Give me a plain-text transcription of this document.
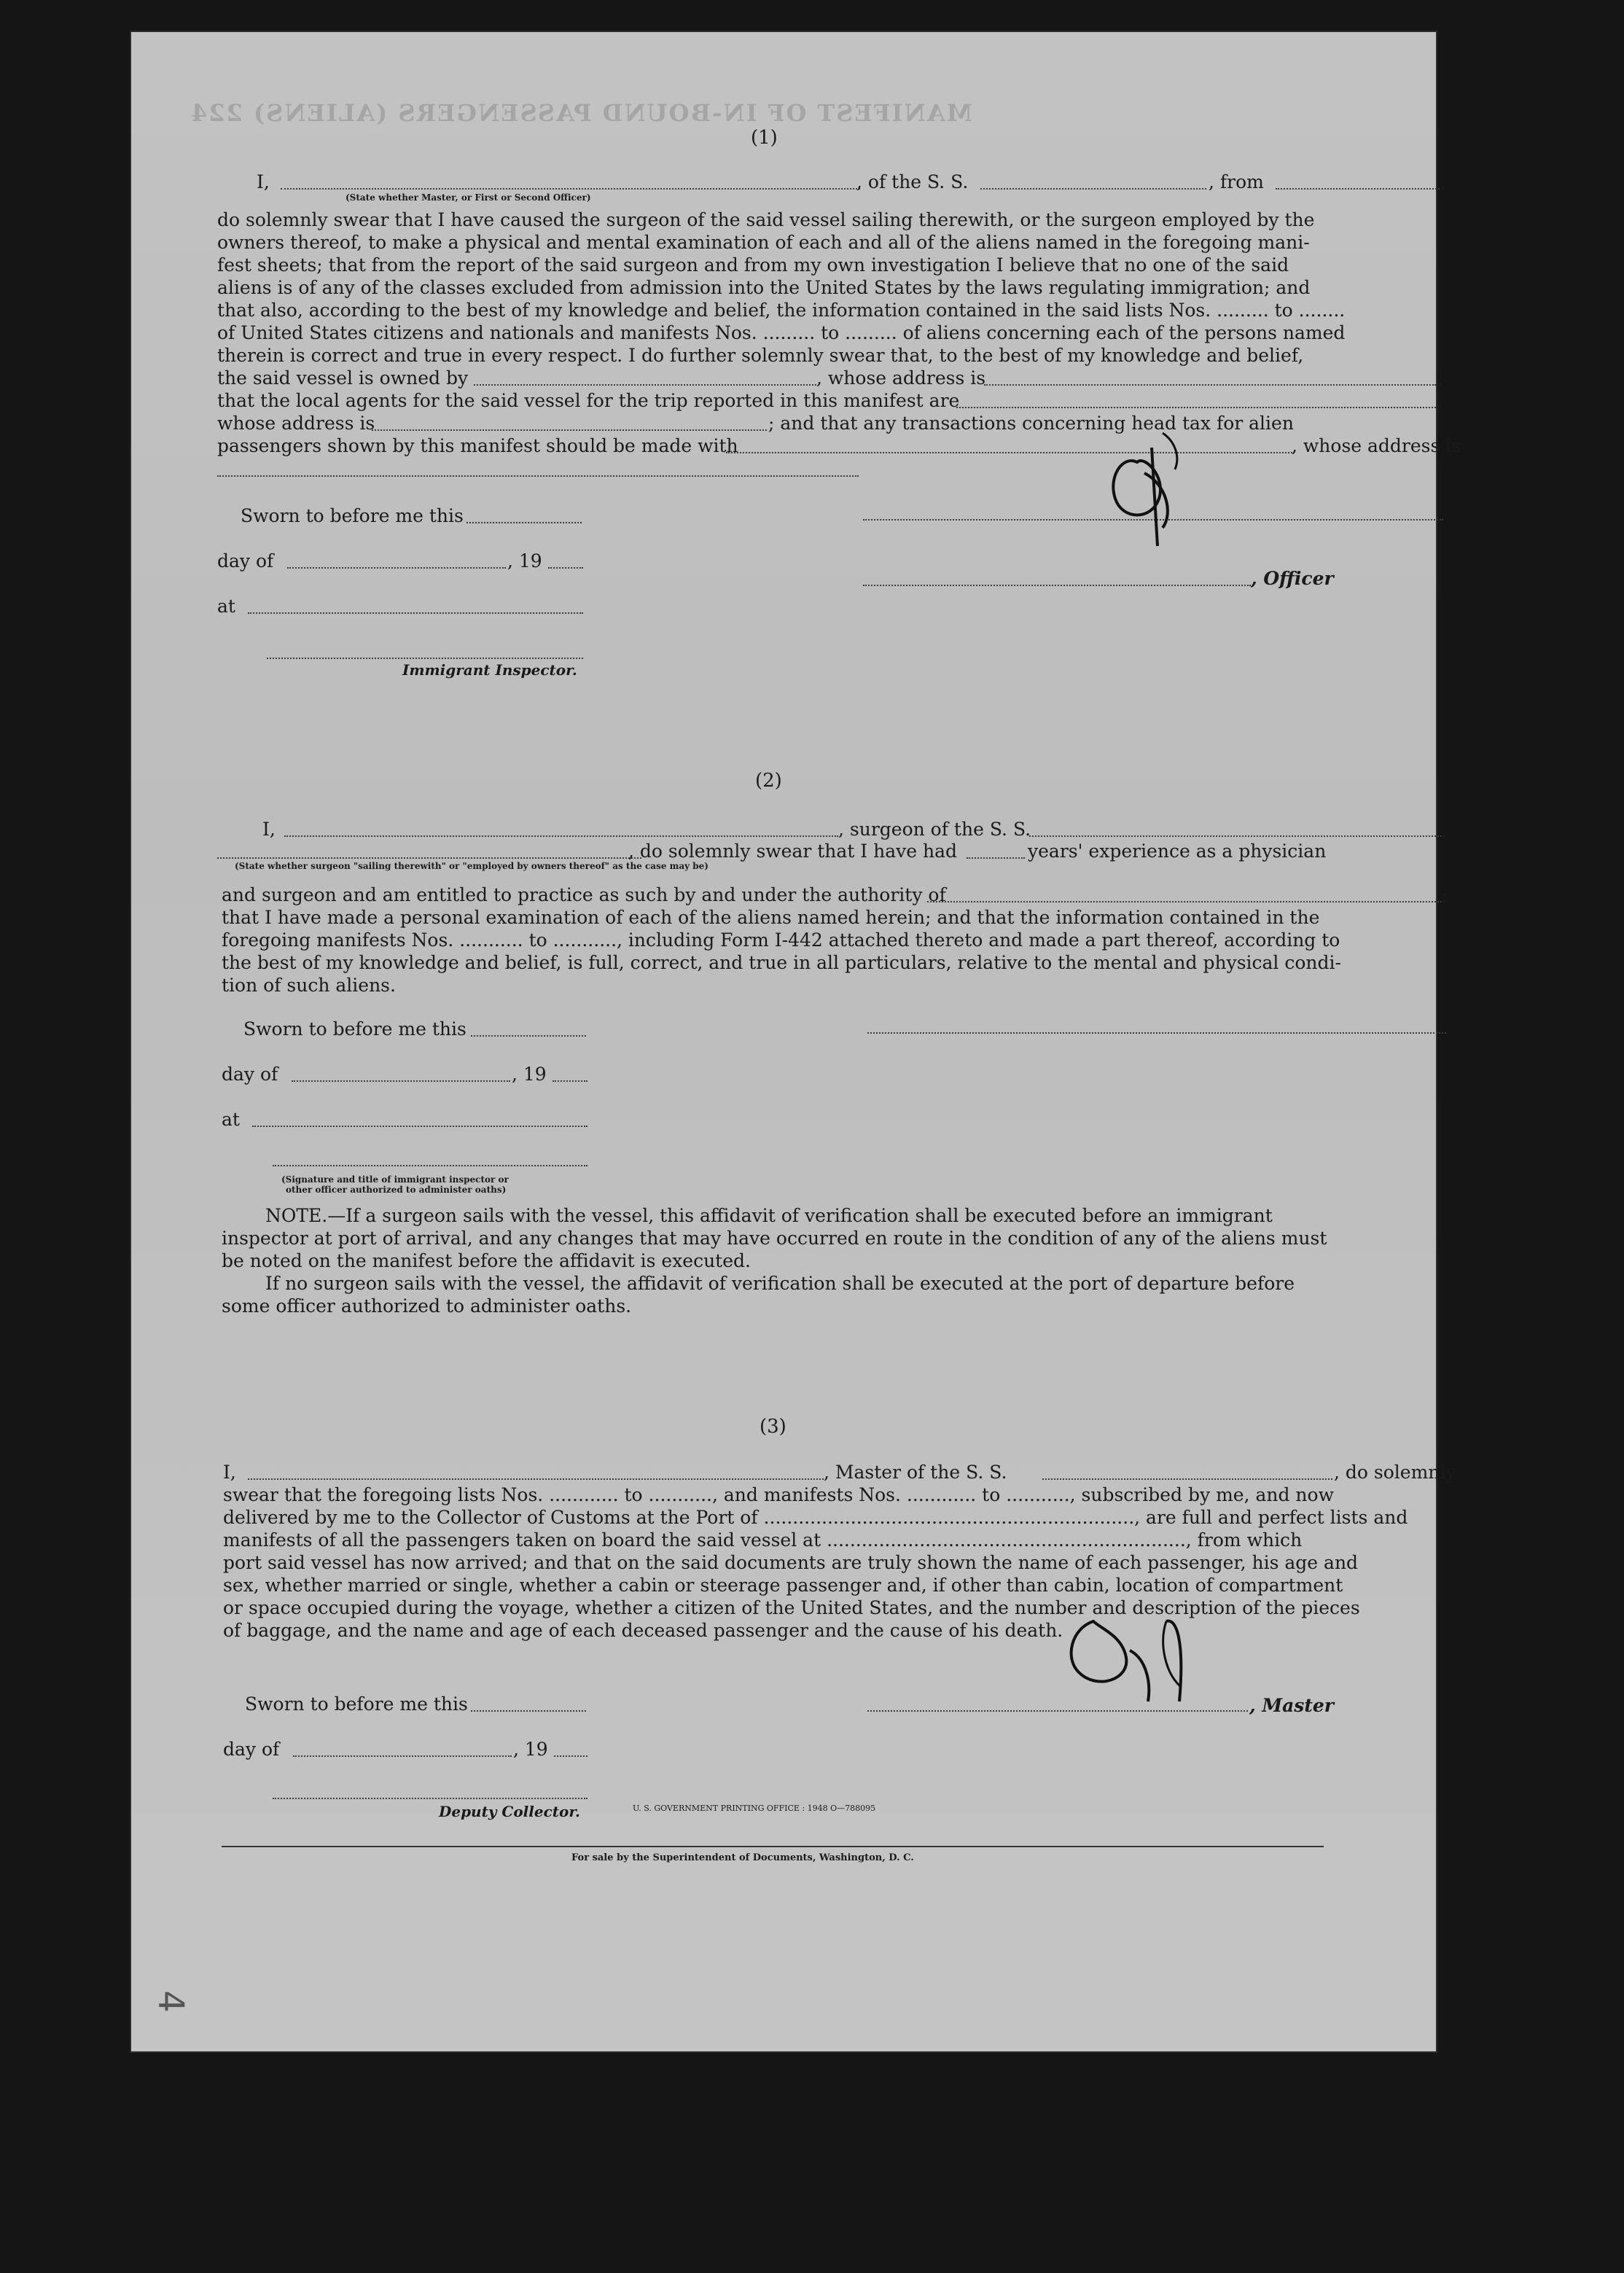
MANIFEST OF IN-BOUND PASSENGERS (ALIENS) 224
(1)
I,	, of the S. S.	, from	,
(State whether Master, or First or Second Officer)
do solemnly swear that I have caused the surgeon of the said vessel sailing therewith, or the surgeon employed by the
owners thereof, to make a physical and mental examination of each and all of the aliens named in the foregoing mani-
fest sheets; that from the report of the said surgeon and from my own investigation I believe that no one of the said
aliens is of any of the classes excluded from admission into the United States by the laws regulating immigration; and
that also, according to the best of my knowledge and belief, the information contained in the said lists Nos. ......... to ........
of United States citizens and nationals and manifests Nos. ......... to ......... of aliens concerning each of the persons named
therein is correct and true in every respect. I do further solemnly swear that, to the best of my knowledge and belief,
the said vessel is owned by	, whose address is	;
that the local agents for the said vessel for the trip reported in this manifest are	,
whose address is	; and that any transactions concerning head tax for alien
passengers shown by this manifest should be made with	, whose address is
Sworn to before me this
day of	, 19
, Officer
at
Immigrant Inspector.
(2)
I,	, surgeon of the S. S.	,
, do solemnly swear that I have had	years' experience as a physician
(State whether surgeon "sailing therewith" or "employed by owners thereof" as the case may be)
and surgeon and am entitled to practice as such by and under the authority of	;
that I have made a personal examination of each of the aliens named herein; and that the information contained in the
foregoing manifests Nos. ........... to ..........., including Form I-442 attached thereto and made a part thereof, according to
the best of my knowledge and belief, is full, correct, and true in all particulars, relative to the mental and physical condi-
tion of such aliens.
Sworn to before me this
day of	, 19
at
(Signature and title of immigrant inspector or
other officer authorized to administer oaths)
NOTE.—If a surgeon sails with the vessel, this affidavit of verification shall be executed before an immigrant
inspector at port of arrival, and any changes that may have occurred en route in the condition of any of the aliens must
be noted on the manifest before the affidavit is executed.
If no surgeon sails with the vessel, the affidavit of verification shall be executed at the port of departure before
some officer authorized to administer oaths.
(3)
I,	, Master of the S. S.	, do solemnly
swear that the foregoing lists Nos. ............ to ..........., and manifests Nos. ............ to ..........., subscribed by me, and now
delivered by me to the Collector of Customs at the Port of ................................................................, are full and perfect lists and
manifests of all the passengers taken on board the said vessel at .............................................................., from which
port said vessel has now arrived; and that on the said documents are truly shown the name of each passenger, his age and
sex, whether married or single, whether a cabin or steerage passenger and, if other than cabin, location of compartment
or space occupied during the voyage, whether a citizen of the United States, and the number and description of the pieces
of baggage, and the name and age of each deceased passenger and the cause of his death.
Sworn to before me this	, Master
day of	, 19
Deputy Collector.	U. S. GOVERNMENT PRINTING OFFICE : 1948 O—788095
For sale by the Superintendent of Documents, Washington, D. C.
4
